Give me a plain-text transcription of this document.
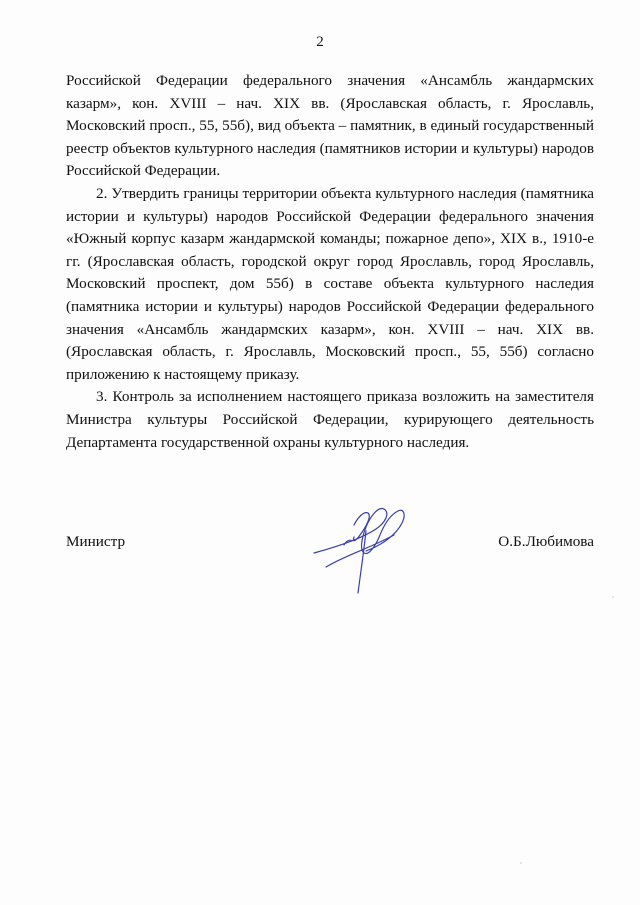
2

Российской Федерации федерального значения «Ансамбль жандармских казарм», кон. XVIII – нач. XIX вв. (Ярославская область, г. Ярославль, Московский просп., 55, 55б), вид объекта – памятник, в единый государственный реестр объектов культурного наследия (памятников истории и культуры) народов Российской Федерации.

2. Утвердить границы территории объекта культурного наследия (памятника истории и культуры) народов Российской Федерации федерального значения «Южный корпус казарм жандармской команды; пожарное депо», XIX в., 1910-е гг. (Ярославская область, городской округ город Ярославль, город Ярославль, Московский проспект, дом 55б) в составе объекта культурного наследия (памятника истории и культуры) народов Российской Федерации федерального значения «Ансамбль жандармских казарм», кон. XVIII – нач. XIX вв. (Ярославская область, г. Ярославль, Московский просп., 55, 55б) согласно приложению к настоящему приказу.

3. Контроль за исполнением настоящего приказа возложить на заместителя Министра культуры Российской Федерации, курирующего деятельность Департамента государственной охраны культурного наследия.

Министр	О.Б.Любимова
